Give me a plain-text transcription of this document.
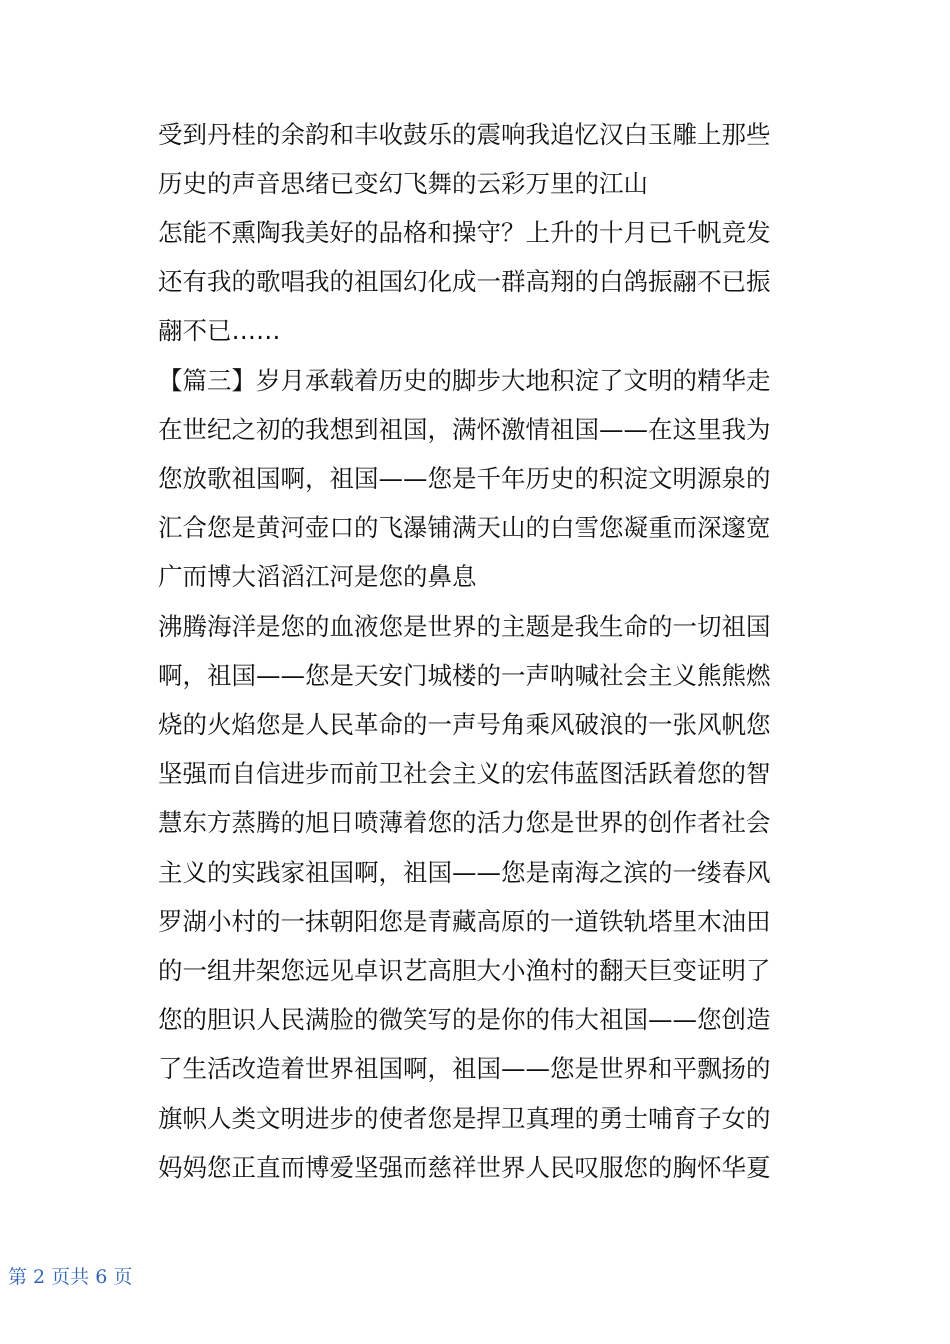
受到丹桂的余韵和丰收鼓乐的震响我追忆汉白玉雕上那些
历史的声音思绪已变幻飞舞的云彩万里的江山
怎能不熏陶我美好的品格和操守？上升的十月已千帆竞发
还有我的歌唱我的祖国幻化成一群高翔的白鸽振翮不已振
翮不已……
【篇三】岁月承载着历史的脚步大地积淀了文明的精华走
在世纪之初的我想到祖国，满怀激情祖国——在这里我为
您放歌祖国啊，祖国——您是千年历史的积淀文明源泉的
汇合您是黄河壶口的飞瀑铺满天山的白雪您凝重而深邃宽
广而博大滔滔江河是您的鼻息
沸腾海洋是您的血液您是世界的主题是我生命的一切祖国
啊，祖国——您是天安门城楼的一声呐喊社会主义熊熊燃
烧的火焰您是人民革命的一声号角乘风破浪的一张风帆您
坚强而自信进步而前卫社会主义的宏伟蓝图活跃着您的智
慧东方蒸腾的旭日喷薄着您的活力您是世界的创作者社会
主义的实践家祖国啊，祖国——您是南海之滨的一缕春风
罗湖小村的一抹朝阳您是青藏高原的一道铁轨塔里木油田
的一组井架您远见卓识艺高胆大小渔村的翻天巨变证明了
您的胆识人民满脸的微笑写的是你的伟大祖国——您创造
了生活改造着世界祖国啊，祖国——您是世界和平飘扬的
旗帜人类文明进步的使者您是捍卫真理的勇士哺育子女的
妈妈您正直而博爱坚强而慈祥世界人民叹服您的胸怀华夏
第 2 页共 6 页
